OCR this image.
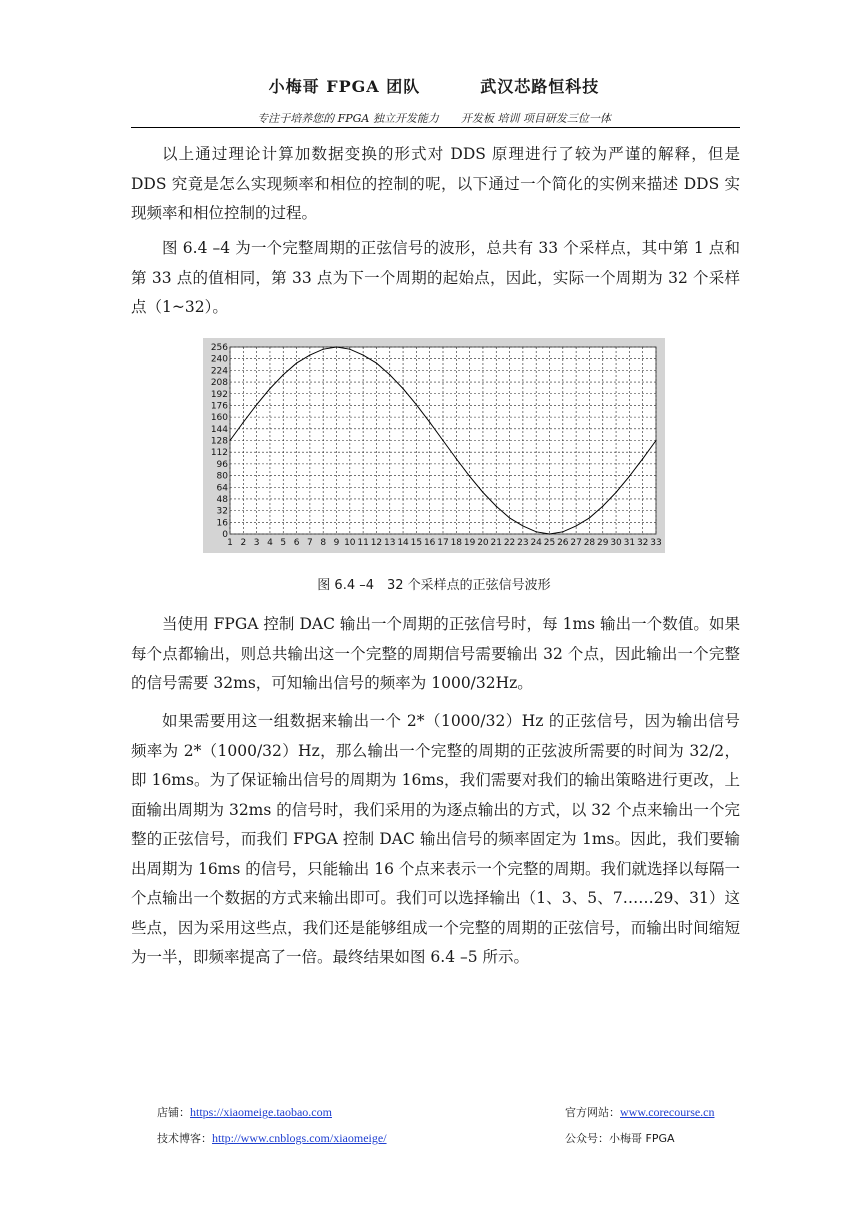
小梅哥 FPGA 团队	武汉芯路恒科技
专注于培养您的 FPGA 独立开发能力 开发板 培训 项目研发三位一体

以上通过理论计算加数据变换的形式对 DDS 原理进行了较为严谨的解释，但是 DDS 究竟是怎么实现频率和相位的控制的呢，以下通过一个简化的实例来描述 DDS 实现频率和相位控制的过程。

图 6.4 –4 为一个完整周期的正弦信号的波形，总共有 33 个采样点，其中第 1 点和第 33 点的值相同，第 33 点为下一个周期的起始点，因此，实际一个周期为 32 个采样点（1~32）。

1 2 3 4 5 6 7 8 9 10 11 12 13 14 15 16 17 18 19 20 21 22 23 24 25 26 27 28 29 30 31 32 33
0
16
32
48
64
80
96
112
128
144
160
176
192
208
224
240
256
图 6.4 –4　32 个采样点的正弦信号波形

当使用 FPGA 控制 DAC 输出一个周期的正弦信号时，每 1ms 输出一个数值。如果每个点都输出，则总共输出这一个完整的周期信号需要输出 32 个点，因此输出一个完整的信号需要 32ms，可知输出信号的频率为 1000/32Hz。

如果需要用这一组数据来输出一个 2*（1000/32）Hz 的正弦信号，因为输出信号频率为 2*（1000/32）Hz，那么输出一个完整的周期的正弦波所需要的时间为 32/2，即 16ms。为了保证输出信号的周期为 16ms，我们需要对我们的输出策略进行更改，上面输出周期为 32ms 的信号时，我们采用的为逐点输出的方式，以 32 个点来输出一个完整的正弦信号，而我们 FPGA 控制 DAC 输出信号的频率固定为 1ms。因此，我们要输出周期为 16ms 的信号，只能输出 16 个点来表示一个完整的周期。我们就选择以每隔一个点输出一个数据的方式来输出即可。我们可以选择输出（1、3、5、7……29、31）这些点，因为采用这些点，我们还是能够组成一个完整的周期的正弦信号，而输出时间缩短为一半，即频率提高了一倍。最终结果如图 6.4 –5 所示。

店铺：https://xiaomeige.taobao.com	官方网站：www.corecourse.cn
技术博客：http://www.cnblogs.com/xiaomeige/	公众号：小梅哥 FPGA
